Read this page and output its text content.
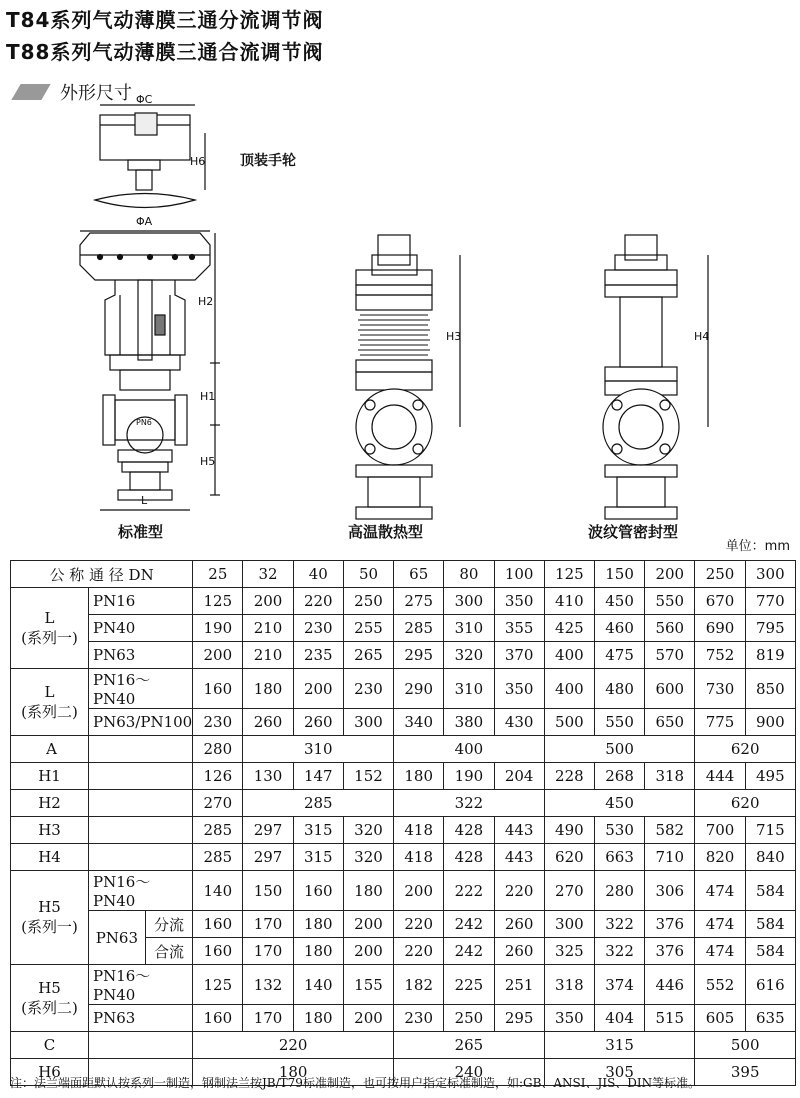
T84系列气动薄膜三通分流调节阀
T88系列气动薄膜三通合流调节阀
外形尺寸 ΦC
H6
ΦA
H2
H1
H5
L
PN6
H3	H4
顶装手轮
标准型	高温散热型	波纹管密封型
单位：mm
公 称 通 径 DN			25	32	40	50	65	80	100	125	150	200	250	300
L
(系列一)	PN16		125	200	220	250	275	300	350	410	450	550	670	770
	PN40		190	210	230	255	285	310	355	425	460	560	690	795
	PN63		200	210	235	265	295	320	370	400	475	570	752	819
L
(系列二)	PN16～PN40		160	180	200	230	290	310	350	400	480	600	730	850
	PN63/PN100		230	260	260	300	340	380	430	500	550	650	775	900
A			280	310			400			500			620	
H1			126	130	147	152	180	190	204	228	268	318	444	495
H2			270	285			322			450			620	
H3			285	297	315	320	418	428	443	490	530	582	700	715
H4			285	297	315	320	418	428	443	620	663	710	820	840
H5
(系列一)	PN16～PN40		140	150	160	180	200	222	220	270	280	306	474	584
	PN63	分流	160	170	180	200	220	242	260	300	322	376	474	584
		合流	160	170	180	200	220	242	260	325	322	376	474	584
H5
(系列二)	PN16～PN40		125	132	140	155	182	225	251	318	374	446	552	616
	PN63		160	170	180	200	230	250	295	350	404	515	605	635
C			220				265			315			500	
H6			180				240			305			395	
注：法兰端面距默认按系列一制造，钢制法兰按JB/T79标准制造，也可按用户指定标准制造，如:GB、ANSI、JIS、DIN等标准。
